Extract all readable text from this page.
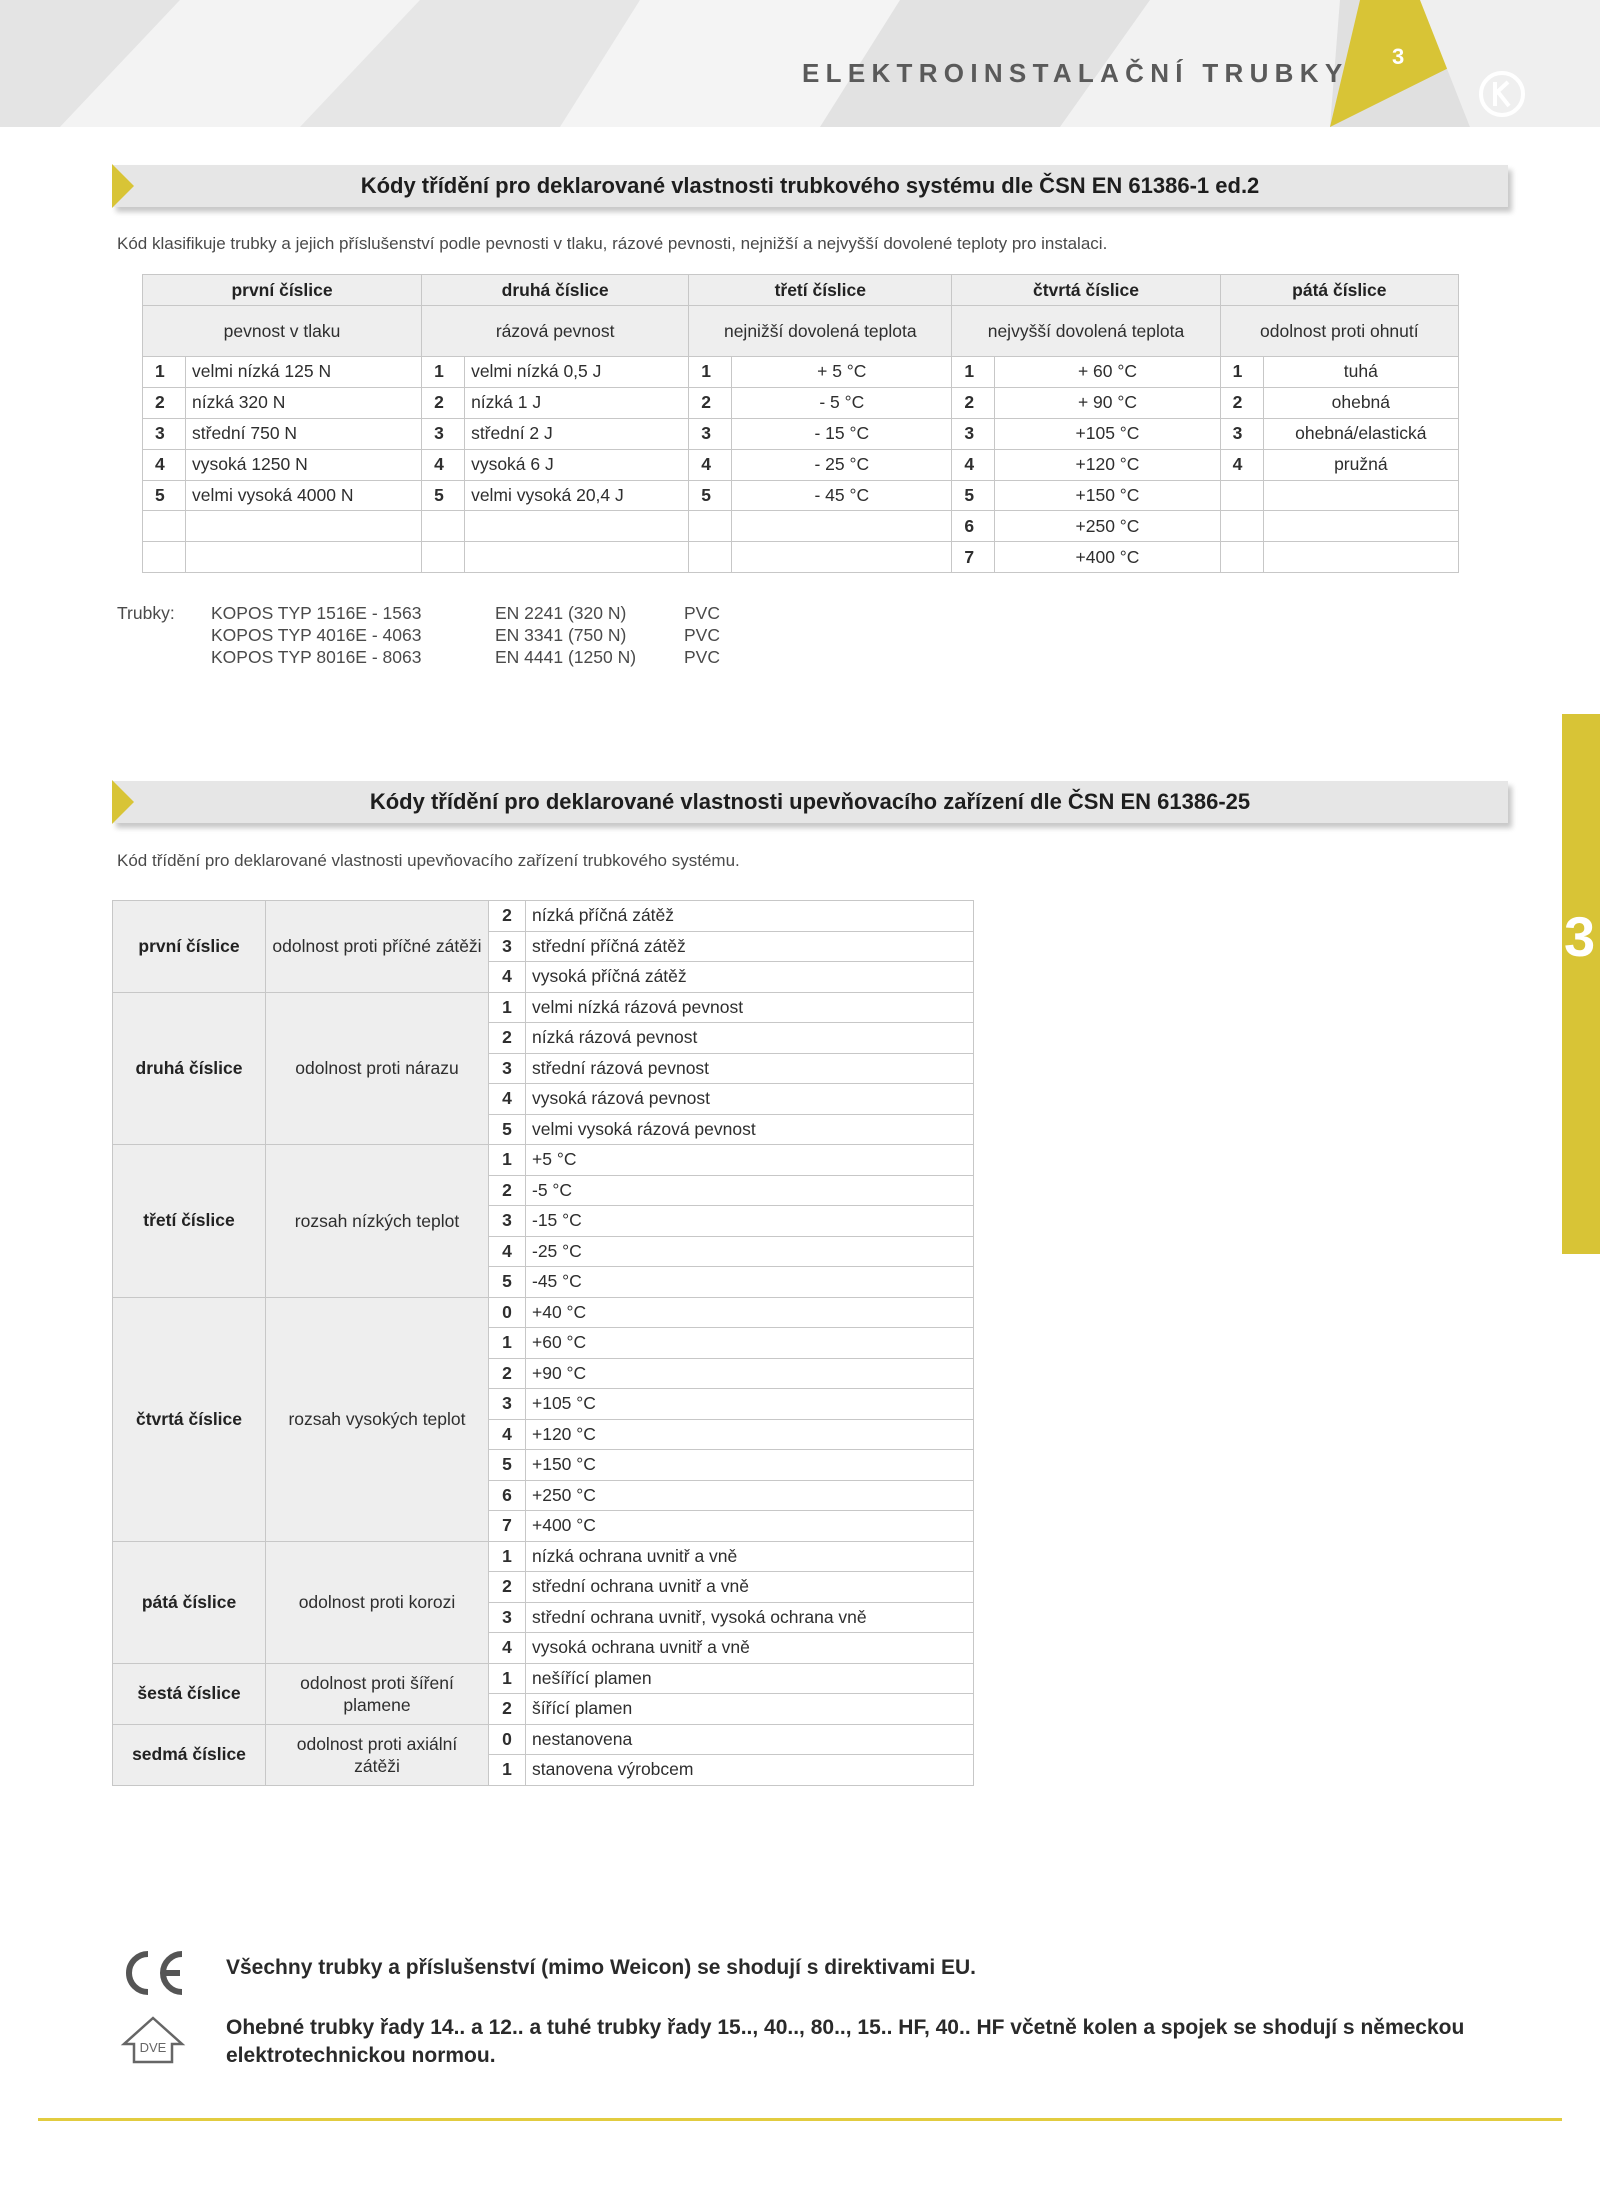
ELEKTROINSTALAČNÍ TRUBKY
3
Kódy třídění pro deklarované vlastnosti trubkového systému dle ČSN EN 61386-1 ed.2
Kód klasifikuje trubky a jejich příslušenství podle pevnosti v tlaku, rázové pevnosti, nejnižší a nejvyšší dovolené teploty pro instalaci.
první číslice		druhá číslice		třetí číslice		čtvrtá číslice		pátá číslice	
pevnost v tlaku		rázová pevnost		nejnižší dovolená teplota		nejvyšší dovolená teplota		odolnost proti ohnutí	
1	velmi nízká 125 N	1	velmi nízká 0,5 J	1	+ 5 °C	1	+ 60 °C	1	tuhá
2	nízká 320 N	2	nízká 1 J	2	- 5 °C	2	+ 90 °C	2	ohebná
3	střední 750 N	3	střední 2 J	3	- 15 °C	3	+105 °C	3	ohebná/elastická
4	vysoká 1250 N	4	vysoká 6 J	4	- 25 °C	4	+120 °C	4	pružná
5	velmi vysoká 4000 N	5	velmi vysoká 20,4 J	5	- 45 °C	5	+150 °C		
						6	+250 °C		
						7	+400 °C		
Trubky: KOPOS TYP 1516E - 1563	EN 2241 (320 N)	PVC
KOPOS TYP 4016E - 4063	EN 3341 (750 N)	PVC
KOPOS TYP 8016E - 8063	EN 4441 (1250 N)	PVC
Kódy třídění pro deklarované vlastnosti upevňovacího zařízení dle ČSN EN 61386-25
Kód třídění pro deklarované vlastnosti upevňovacího zařízení trubkového systému.
první číslice	odolnost proti příčné zátěži	2	nízká příčná zátěž
		3	střední příčná zátěž
		4	vysoká příčná zátěž
druhá číslice	odolnost proti nárazu	1	velmi nízká rázová pevnost
		2	nízká rázová pevnost
		3	střední rázová pevnost
		4	vysoká rázová pevnost
		5	velmi vysoká rázová pevnost
třetí číslice	rozsah nízkých teplot	1	+5 °C
		2	-5 °C
		3	-15 °C
		4	-25 °C
		5	-45 °C
čtvrtá číslice	rozsah vysokých teplot	0	+40 °C
		1	+60 °C
		2	+90 °C
		3	+105 °C
		4	+120 °C
		5	+150 °C
		6	+250 °C
		7	+400 °C
pátá číslice	odolnost proti korozi	1	nízká ochrana uvnitř a vně
		2	střední ochrana uvnitř a vně
		3	střední ochrana uvnitř, vysoká ochrana vně
		4	vysoká ochrana uvnitř a vně
šestá číslice	odolnost proti šíření plamene	1	nešířící plamen
		2	šířící plamen
sedmá číslice	odolnost proti axiální zátěži	0	nestanovena
		1	stanovena výrobcem
3
Všechny trubky a příslušenství (mimo Weicon) se shodují s direktivami EU.
DVE
Ohebné trubky řady 14.. a 12.. a tuhé trubky řady 15.., 40.., 80.., 15.. HF, 40.. HF včetně kolen a spojek se shodují s německou elektrotechnickou normou.
